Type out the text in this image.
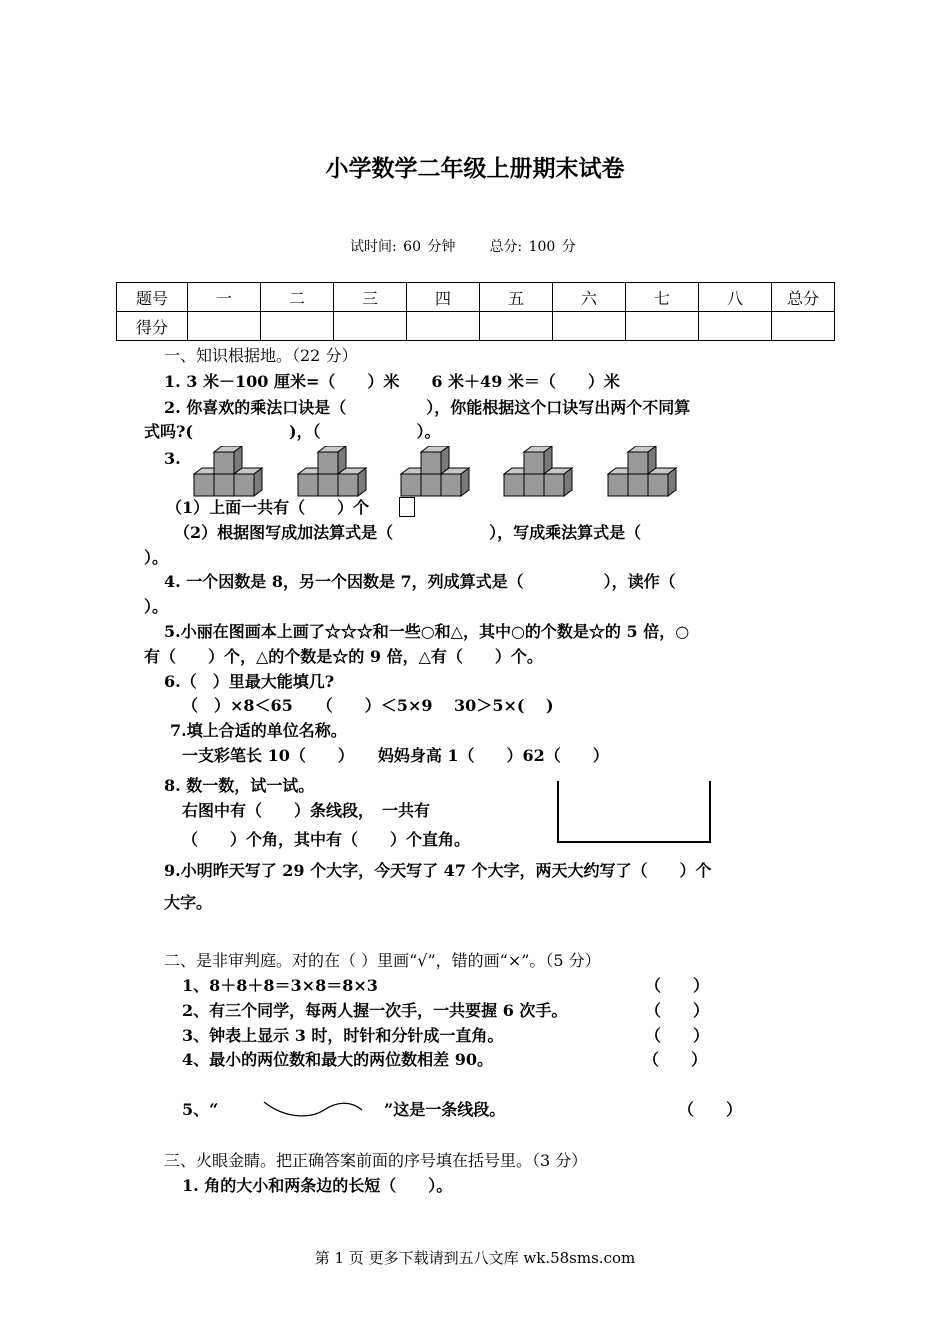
小学数学二年级上册期末试卷
试时间: 60 分钟 总分: 100 分
题号	一	二	三	四	五	六	七	八	总分
得分									
一、知识根据地。（22 分）
1. 3 米－100 厘米=（　　）米　　6 米＋49 米＝（　　）米
2. 你喜欢的乘法口诀是（　　　　　），你能根据这个口诀写出两个不同算
式吗?(　　　　　　)，（　　　　　　）。
3.
（1）上面一共有（　　）个
（2）根据图写成加法算式是（　　　　　　），写成乘法算式是（
）。
4. 一个因数是 8，另一个因数是 7，列成算式是（　　　　　），读作（
）。
5.小丽在图画本上画了☆☆☆和一些○和△，其中○的个数是☆的 5 倍，○
有（　　）个，△的个数是☆的 9 倍，△有（　　）个。
6.（　）里最大能填几?
（　）×8＜65　　（　　）＜5×9　 30＞5×(　 )
7.填上合适的单位名称。
一支彩笔长 10（　　）　　妈妈身高 1（　　）62（　　）
8. 数一数，试一试。
右图中有（　　）条线段，　一共有
（　　）个角，其中有（　　）个直角。
9.小明昨天写了 29 个大字，今天写了 47 个大字，两天大约写了（　　）个
大字。
二、是非审判庭。对的在（ ）里画“√”，错的画“×”。（5 分）
1、8＋8＋8＝3×8＝8×3	（　　）
2、有三个同学，每两人握一次手，一共要握 6 次手。	（　　）
3、钟表上显示 3 时，时针和分针成一直角。	（　　）
4、最小的两位数和最大的两位数相差 90。	（　　）
5、“	”这是一条线段。	（　　）
三、火眼金睛。把正确答案前面的序号填在括号里。（3 分）
1. 角的大小和两条边的长短（　　）。
第 1 页 更多下载请到五八文库 wk.58sms.com
